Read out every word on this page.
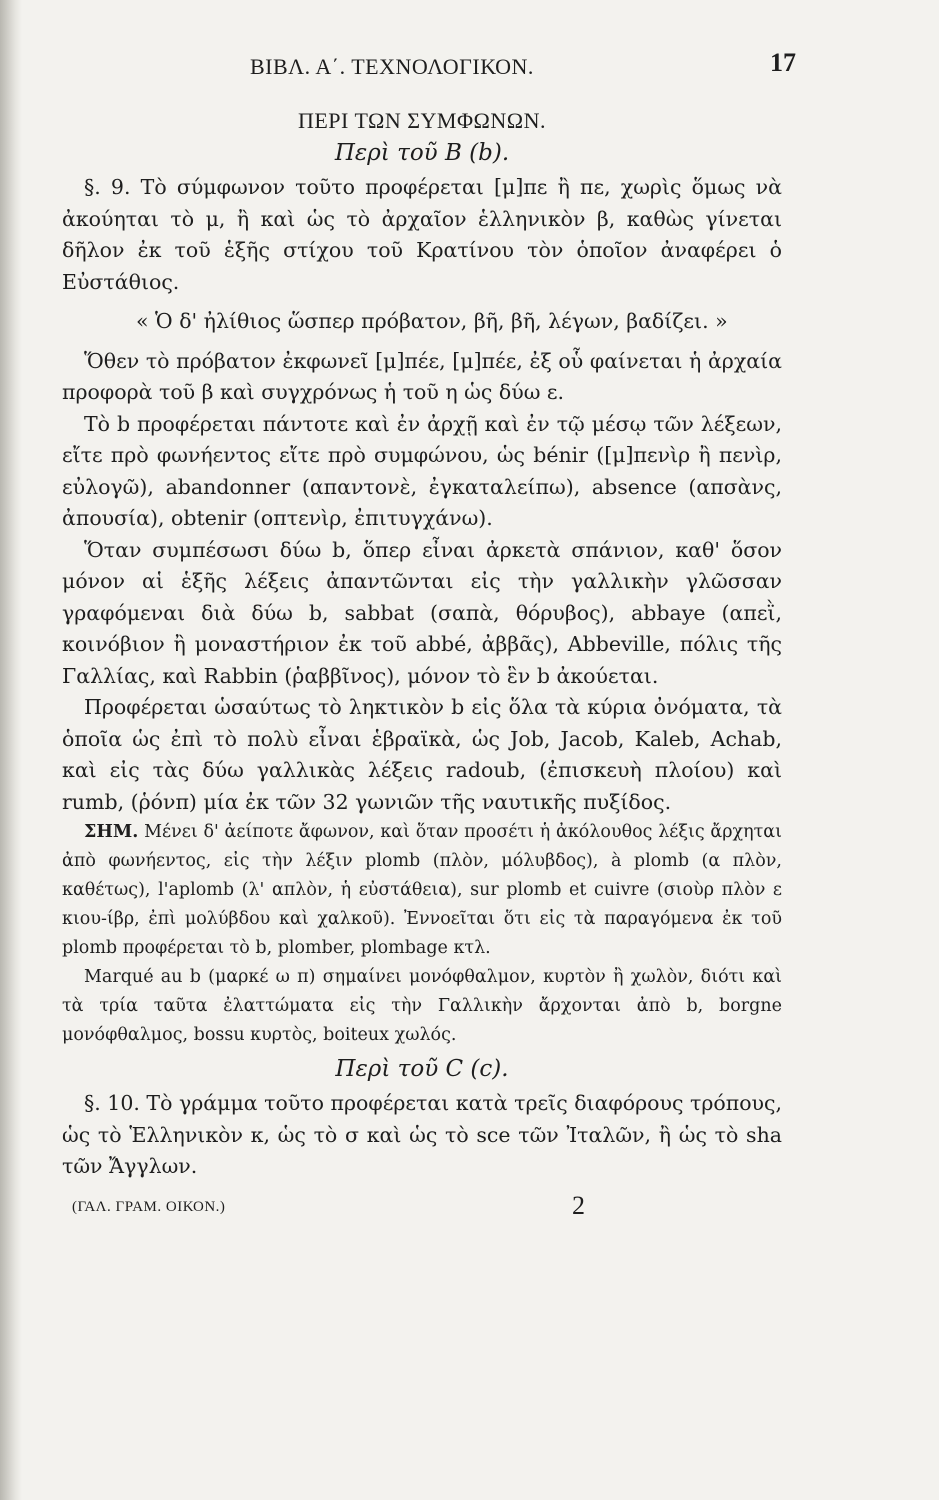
ΒΙΒΛ. Α΄. ΤΕΧΝΟΛΟΓΙΚΟΝ.	17
ΠΕΡΙ ΤΩΝ ΣΥΜΦΩΝΩΝ.
Περὶ τοῦ B (b).

§. 9. Τὸ σύμφωνον τοῦτο προφέρεται [μ]πε ἢ πε, χωρὶς ὅμως νὰ ἀκούηται τὸ μ, ἢ καὶ ὡς τὸ ἀρχαῖον ἑλληνικὸν β, καθὼς γίνεται δῆλον ἐκ τοῦ ἑξῆς στίχου τοῦ Κρατίνου τὸν ὁποῖον ἀναφέρει ὁ Εὐστάθιος.

« Ὁ δ' ἠλίθιος ὥσπερ πρόβατον, βῆ, βῆ, λέγων, βαδίζει. »

Ὅθεν τὸ πρόβατον ἐκφωνεῖ [μ]πέε, [μ]πέε, ἐξ οὗ φαίνεται ἡ ἀρχαία προφορὰ τοῦ β καὶ συγχρόνως ἡ τοῦ η ὡς δύω ε.

Τὸ b προφέρεται πάντοτε καὶ ἐν ἀρχῇ καὶ ἐν τῷ μέσῳ τῶν λέξεων, εἴτε πρὸ φωνήεντος εἴτε πρὸ συμφώνου, ὡς bénir ([μ]πενὶρ ἢ πενὶρ, εὐλογῶ), abandonner (απαντονὲ, ἐγκαταλείπω), absence (απσὰνς, ἀπουσία), obtenir (οπτενὶρ, ἐπιτυγχάνω).

Ὅταν συμπέσωσι δύω b, ὅπερ εἶναι ἀρκετὰ σπάνιον, καθ' ὅσον μόνον αἱ ἑξῆς λέξεις ἀπαντῶνται εἰς τὴν γαλλικὴν γλῶσσαν γραφόμεναι διὰ δύω b, sabbat (σαπὰ, θόρυβος), abbaye (απεῒ, κοινόβιον ἢ μοναστήριον ἐκ τοῦ abbé, ἀββᾶς), Abbeville, πόλις τῆς Γαλλίας, καὶ Rabbin (ῥαββῖνος), μόνον τὸ ἓν b ἀκούεται.

Προφέρεται ὡσαύτως τὸ ληκτικὸν b εἰς ὅλα τὰ κύρια ὀνόματα, τὰ ὁποῖα ὡς ἐπὶ τὸ πολὺ εἶναι ἑβραϊκὰ, ὡς Job, Jacob, Kaleb, Achab, καὶ εἰς τὰς δύω γαλλικὰς λέξεις radoub, (ἐπισκευὴ πλοίου) καὶ rumb, (ῥόνπ) μία ἐκ τῶν 32 γωνιῶν τῆς ναυτικῆς πυξίδος.

ΣΗΜ. Μένει δ' ἀείποτε ἄφωνον, καὶ ὅταν προσέτι ἡ ἀκόλουθος λέξις ἄρχηται ἀπὸ φωνήεντος, εἰς τὴν λέξιν plomb (πλὸν, μόλυβδος), à plomb (α πλὸν, καθέτως), l'aplomb (λ' απλὸν, ἡ εὐστάθεια), sur plomb et cuivre (σιοὺρ πλὸν ε κιου-ίβρ, ἐπὶ μολύβδου καὶ χαλκοῦ). Ἐννοεῖται ὅτι εἰς τὰ παραγόμενα ἐκ τοῦ plomb προφέρεται τὸ b, plomber, plombage κτλ.

Marqué au b (μαρκέ ω π) σημαίνει μονόφθαλμον, κυρτὸν ἢ χωλὸν, διότι καὶ τὰ τρία ταῦτα ἐλαττώματα εἰς τὴν Γαλλικὴν ἄρχονται ἀπὸ b, borgne μονόφθαλμος, bossu κυρτὸς, boiteux χωλός.

Περὶ τοῦ C (c).

§. 10. Τὸ γράμμα τοῦτο προφέρεται κατὰ τρεῖς διαφόρους τρόπους, ὡς τὸ Ἑλληνικὸν κ, ὡς τὸ σ καὶ ὡς τὸ sce τῶν Ἰταλῶν, ἢ ὡς τὸ sha τῶν Ἄγγλων.

(ΓΑΛ. ΓΡΑΜ. ΟΙΚΟΝ.)	2
